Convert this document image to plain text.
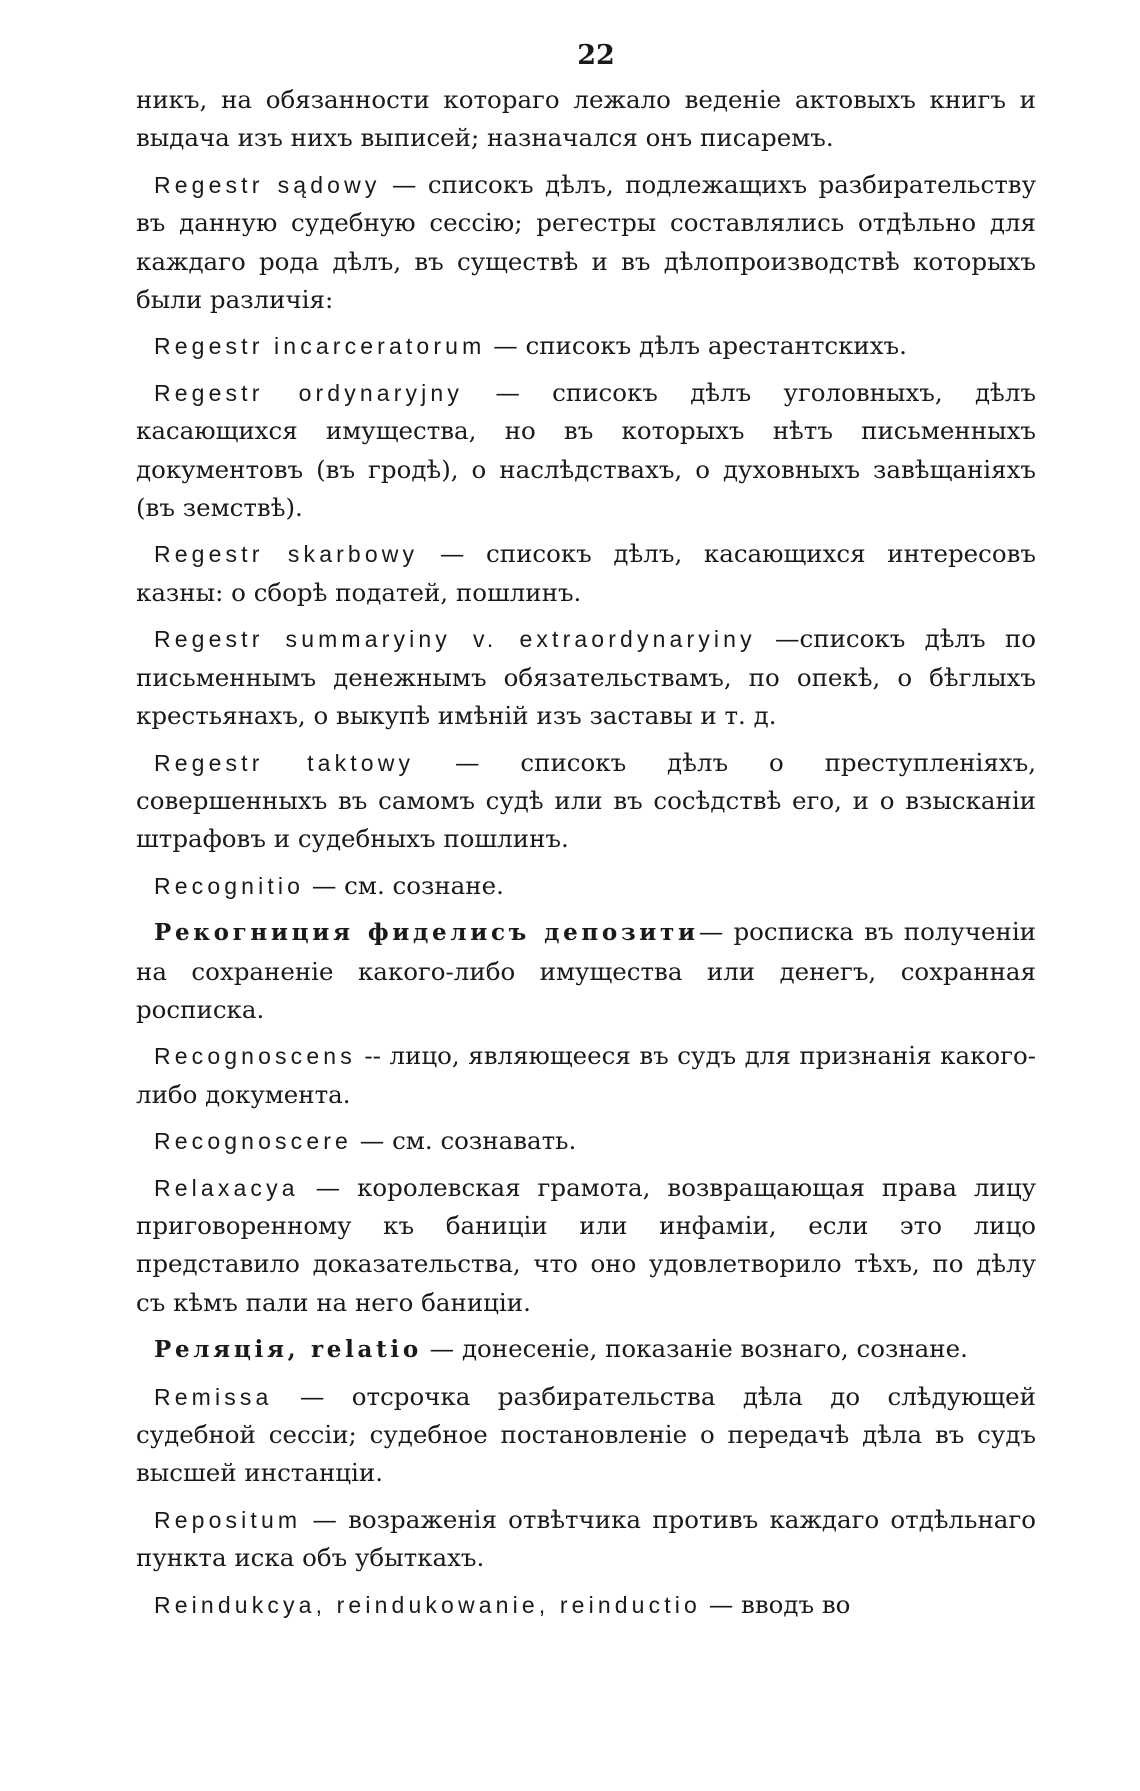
22

никъ, на обязанности котораго лежало веденіе актовыхъ книгъ и выдача изъ нихъ выписей; назначался онъ писаремъ.

Regestr sądowy — списокъ дѣлъ, подлежащихъ разбирательству въ данную судебную сессію; регестры составлялись отдѣльно для каждаго рода дѣлъ, въ существѣ и въ дѣлопроизводствѣ которыхъ были различія:

Regestr incarceratorum — списокъ дѣлъ арестантскихъ.

Regestr ordynaryjny — списокъ дѣлъ уголовныхъ, дѣлъ касающихся имущества, но въ которыхъ нѣтъ письменныхъ документовъ (въ гродѣ), о наслѣдствахъ, о духовныхъ завѣщаніяхъ (въ земствѣ).

Regestr skarbowy — списокъ дѣлъ, касающихся интересовъ казны: о сборѣ податей, пошлинъ.

Regestr summaryiny v. extraordynaryiny —списокъ дѣлъ по письменнымъ денежнымъ обязательствамъ, по опекѣ, о бѣглыхъ крестьянахъ, о выкупѣ имѣній изъ заставы и т. д.

Regestr taktowy — списокъ дѣлъ о преступленіяхъ, совершенныхъ въ самомъ судѣ или въ сосѣдствѣ его, и о взысканіи штрафовъ и судебныхъ пошлинъ.

Recognitio — см. сознане.

Рекогниция фиделисъ депозити— росписка въ полученіи на сохраненіе какого-либо имущества или денегъ, сохранная росписка.

Recognoscens -- лицо, являющееся въ судъ для признанія какого-либо документа.

Recognoscere — см. сознавать.

Relaxacya — королевская грамота, возвращающая права лицу приговоренному къ баниціи или инфаміи, если это лицо представило доказательства, что оно удовлетворило тѣхъ, по дѣлу съ кѣмъ пали на него баниціи.

Реляція, relatio — донесеніе, показаніе вознаго, сознане.

Remissa — отсрочка разбирательства дѣла до слѣдующей судебной сессіи; судебное постановленіе о передачѣ дѣла въ судъ высшей инстанціи.

Repositum — возраженія отвѣтчика противъ каждаго отдѣльнаго пункта иска объ убыткахъ.

Reindukcya, reindukowanie, reinductio — вводъ во
